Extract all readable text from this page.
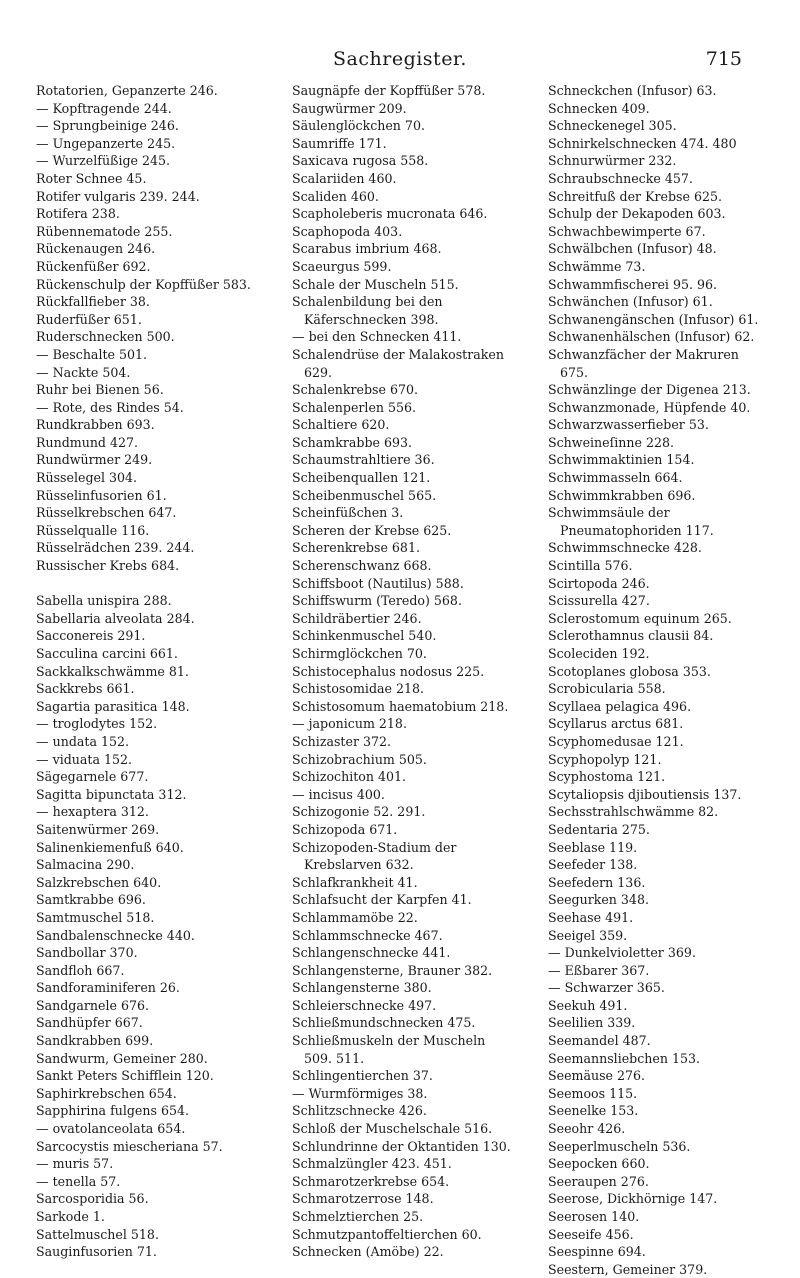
Sachregister.	715
Rotatorien, Gepanzerte 246.
— Kopftragende 244.
— Sprungbeinige 246.
— Ungepanzerte 245.
— Wurzelfüßige 245.
Roter Schnee 45.
Rotifer vulgaris 239. 244.
Rotifera 238.
Rübennematode 255.
Rückenaugen 246.
Rückenfüßer 692.
Rückenschulp der Kopffüßer 583.
Rückfallfieber 38.
Ruderfüßer 651.
Ruderschnecken 500.
— Beschalte 501.
— Nackte 504.
Ruhr bei Bienen 56.
— Rote, des Rindes 54.
Rundkrabben 693.
Rundmund 427.
Rundwürmer 249.
Rüsselegel 304.
Rüsselinfusorien 61.
Rüsselkrebschen 647.
Rüsselqualle 116.
Rüsselrädchen 239. 244.
Russischer Krebs 684.
Sabella unispira 288.
Sabellaria alveolata 284.
Sacconereis 291.
Sacculina carcini 661.
Sackkalkschwämme 81.
Sackkrebs 661.
Sagartia parasitica 148.
— troglodytes 152.
— undata 152.
— viduata 152.
Sägegarnele 677.
Sagitta bipunctata 312.
— hexaptera 312.
Saitenwürmer 269.
Salinenkiemenfuß 640.
Salmacina 290.
Salzkrebschen 640.
Samtkrabbe 696.
Samtmuschel 518.
Sandbalenschnecke 440.
Sandbollar 370.
Sandfloh 667.
Sandforaminiferen 26.
Sandgarnele 676.
Sandhüpfer 667.
Sandkrabben 699.
Sandwurm, Gemeiner 280.
Sankt Peters Schifflein 120.
Saphirkrebschen 654.
Sapphirina fulgens 654.
— ovatolanceolata 654.
Sarcocystis miescheriana 57.
— muris 57.
— tenella 57.
Sarcosporidia 56.
Sarkode 1.
Sattelmuschel 518.
Sauginfusorien 71.
Saugnäpfe der Kopffüßer 578.
Saugwürmer 209.
Säulenglöckchen 70.
Saumriffe 171.
Saxicava rugosa 558.
Scalariiden 460.
Scaliden 460.
Scapholeberis mucronata 646.
Scaphopoda 403.
Scarabus imbrium 468.
Scaeurgus 599.
Schale der Muscheln 515.
Schalenbildung bei den Käferschnecken 398.
— bei den Schnecken 411.
Schalendrüse der Malakostraken 629.
Schalenkrebse 670.
Schalenperlen 556.
Schaltiere 620.
Schamkrabbe 693.
Schaumstrahltiere 36.
Scheibenquallen 121.
Scheibenmuschel 565.
Scheinfüßchen 3.
Scheren der Krebse 625.
Scherenkrebse 681.
Scherenschwanz 668.
Schiffsboot (Nautilus) 588.
Schiffswurm (Teredo) 568.
Schildräbertier 246.
Schinkenmuschel 540.
Schirmglöckchen 70.
Schistocephalus nodosus 225.
Schistosomidae 218.
Schistosomum haematobium 218.
— japonicum 218.
Schizaster 372.
Schizobrachium 505.
Schizochiton 401.
— incisus 400.
Schizogonie 52. 291.
Schizopoda 671.
Schizopoden-Stadium der Krebslarven 632.
Schlafkrankheit 41.
Schlafsucht der Karpfen 41.
Schlammamöbe 22.
Schlammschnecke 467.
Schlangenschnecke 441.
Schlangensterne, Brauner 382.
Schlangensterne 380.
Schleierschnecke 497.
Schließmundschnecken 475.
Schließmuskeln der Muscheln 509. 511.
Schlingentierchen 37.
— Wurmförmiges 38.
Schlitzschnecke 426.
Schloß der Muschelschale 516.
Schlundrinne der Oktantiden 130.
Schmalzüngler 423. 451.
Schmarotzerkrebse 654.
Schmarotzerrose 148.
Schmelztierchen 25.
Schmutzpantoffeltierchen 60.
Schnecken (Amöbe) 22.
Schneckchen (Infusor) 63.
Schnecken 409.
Schneckenegel 305.
Schnirkelschnecken 474. 480
Schnurwürmer 232.
Schraubschnecke 457.
Schreitfuß der Krebse 625.
Schulp der Dekapoden 603.
Schwachbewimperte 67.
Schwälbchen (Infusor) 48.
Schwämme 73.
Schwammfischerei 95. 96.
Schwänchen (Infusor) 61.
Schwanengänschen (Infusor) 61.
Schwanenhälschen (Infusor) 62.
Schwanzfächer der Makruren 675.
Schwänzlinge der Digenea 213.
Schwanzmonade, Hüpfende 40.
Schwarzwasserfieber 53.
Schweineſinne 228.
Schwimmaktinien 154.
Schwimmasseln 664.
Schwimmkrabben 696.
Schwimmsäule der Pneumatophoriden 117.
Schwimmschnecke 428.
Scintilla 576.
Scirtopoda 246.
Scissurella 427.
Sclerostomum equinum 265.
Sclerothamnus clausii 84.
Scoleciden 192.
Scotoplanes globosa 353.
Scrobicularia 558.
Scyllaea pelagica 496.
Scyllarus arctus 681.
Scyphomedusae 121.
Scyphopolyp 121.
Scyphostoma 121.
Scytaliopsis djiboutiensis 137.
Sechsstrahlschwämme 82.
Sedentaria 275.
Seeblase 119.
Seefeder 138.
Seefedern 136.
Seegurken 348.
Seehase 491.
Seeigel 359.
— Dunkelvioletter 369.
— Eßbarer 367.
— Schwarzer 365.
Seekuh 491.
Seelilien 339.
Seemandel 487.
Seemannsliebchen 153.
Seemäuse 276.
Seemoos 115.
Seenelke 153.
Seeohr 426.
Seeperlmuscheln 536.
Seepocken 660.
Seeraupen 276.
Seerose, Dickhörnige 147.
Seerosen 140.
Seeseife 456.
Seespinne 694.
Seestern, Gemeiner 379.
